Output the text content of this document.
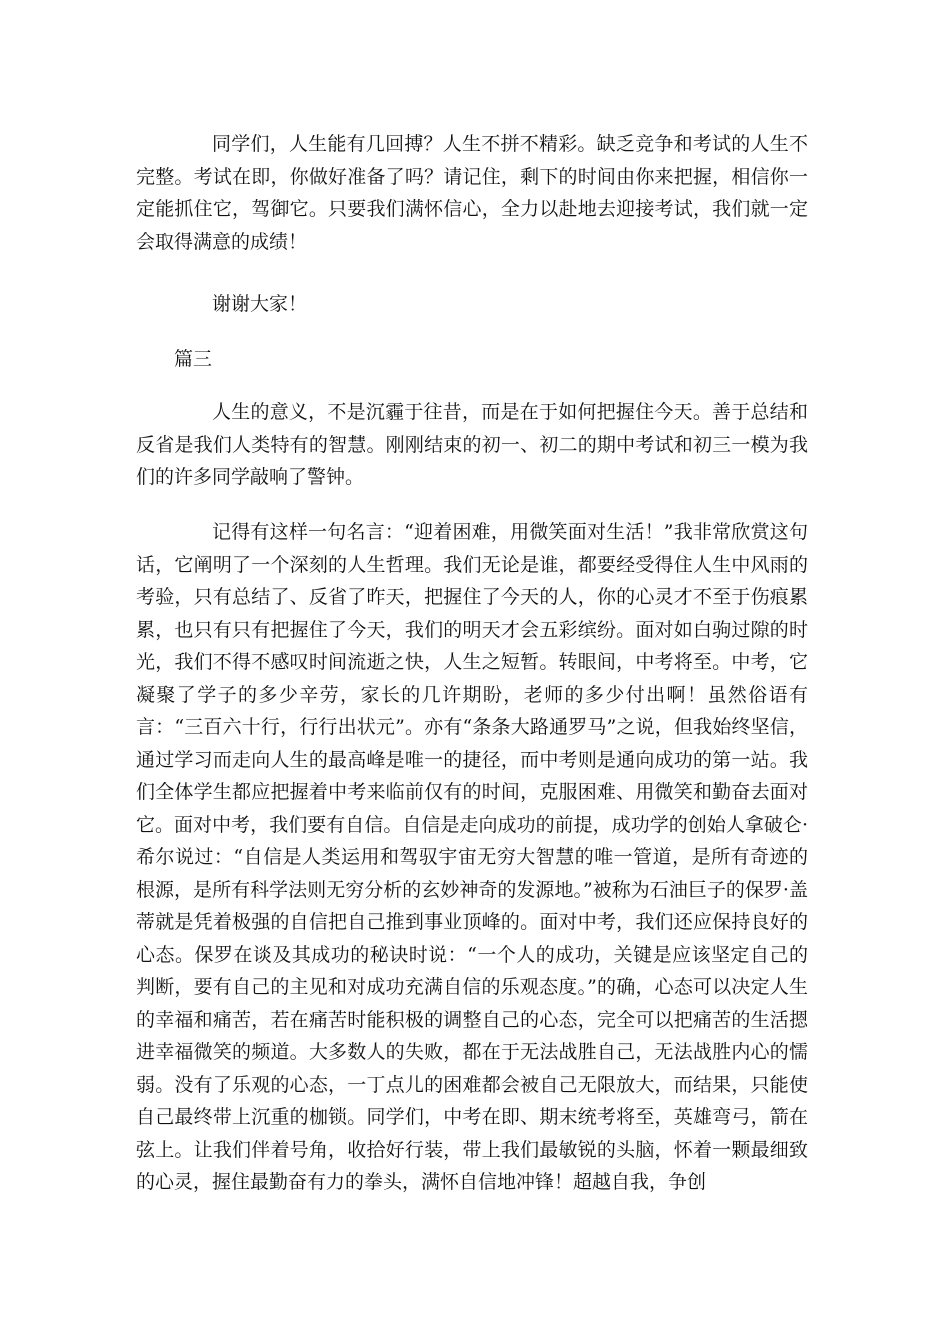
同学们，人生能有几回搏？人生不拼不精彩。缺乏竞争和考试的人生不完整。考试在即，你做好准备了吗？请记住，剩下的时间由你来把握，相信你一定能抓住它，驾御它。只要我们满怀信心，全力以赴地去迎接考试，我们就一定会取得满意的成绩！

谢谢大家！

篇三

人生的意义，不是沉霾于往昔，而是在于如何把握住今天。善于总结和反省是我们人类特有的智慧。刚刚结束的初一、初二的期中考试和初三一模为我们的许多同学敲响了警钟。

记得有这样一句名言：“迎着困难，用微笑面对生活！”我非常欣赏这句话，它阐明了一个深刻的人生哲理。我们无论是谁，都要经受得住人生中风雨的考验，只有总结了、反省了昨天，把握住了今天的人，你的心灵才不至于伤痕累累，也只有只有把握住了今天，我们的明天才会五彩缤纷。面对如白驹过隙的时光，我们不得不感叹时间流逝之快，人生之短暂。转眼间，中考将至。中考，它凝聚了学子的多少辛劳，家长的几许期盼，老师的多少付出啊！虽然俗语有言：“三百六十行，行行出状元”。亦有“条条大路通罗马”之说，但我始终坚信，通过学习而走向人生的最高峰是唯一的捷径，而中考则是通向成功的第一站。我们全体学生都应把握着中考来临前仅有的时间，克服困难、用微笑和勤奋去面对它。面对中考，我们要有自信。自信是走向成功的前提，成功学的创始人拿破仑·希尔说过：“自信是人类运用和驾驭宇宙无穷大智慧的唯一管道，是所有奇迹的根源，是所有科学法则无穷分析的玄妙神奇的发源地。”被称为石油巨子的保罗·盖蒂就是凭着极强的自信把自己推到事业顶峰的。面对中考，我们还应保持良好的心态。保罗在谈及其成功的秘诀时说：“一个人的成功，关键是应该坚定自己的判断，要有自己的主见和对成功充满自信的乐观态度。”的确，心态可以决定人生的幸福和痛苦，若在痛苦时能积极的调整自己的心态，完全可以把痛苦的生活摁进幸福微笑的频道。大多数人的失败，都在于无法战胜自己，无法战胜内心的懦弱。没有了乐观的心态，一丁点儿的困难都会被自己无限放大，而结果，只能使自己最终带上沉重的枷锁。同学们，中考在即、期末统考将至，英雄弯弓，箭在弦上。让我们伴着号角，收拾好行装，带上我们最敏锐的头脑，怀着一颗最细致的心灵，握住最勤奋有力的拳头，满怀自信地冲锋！超越自我，争创
